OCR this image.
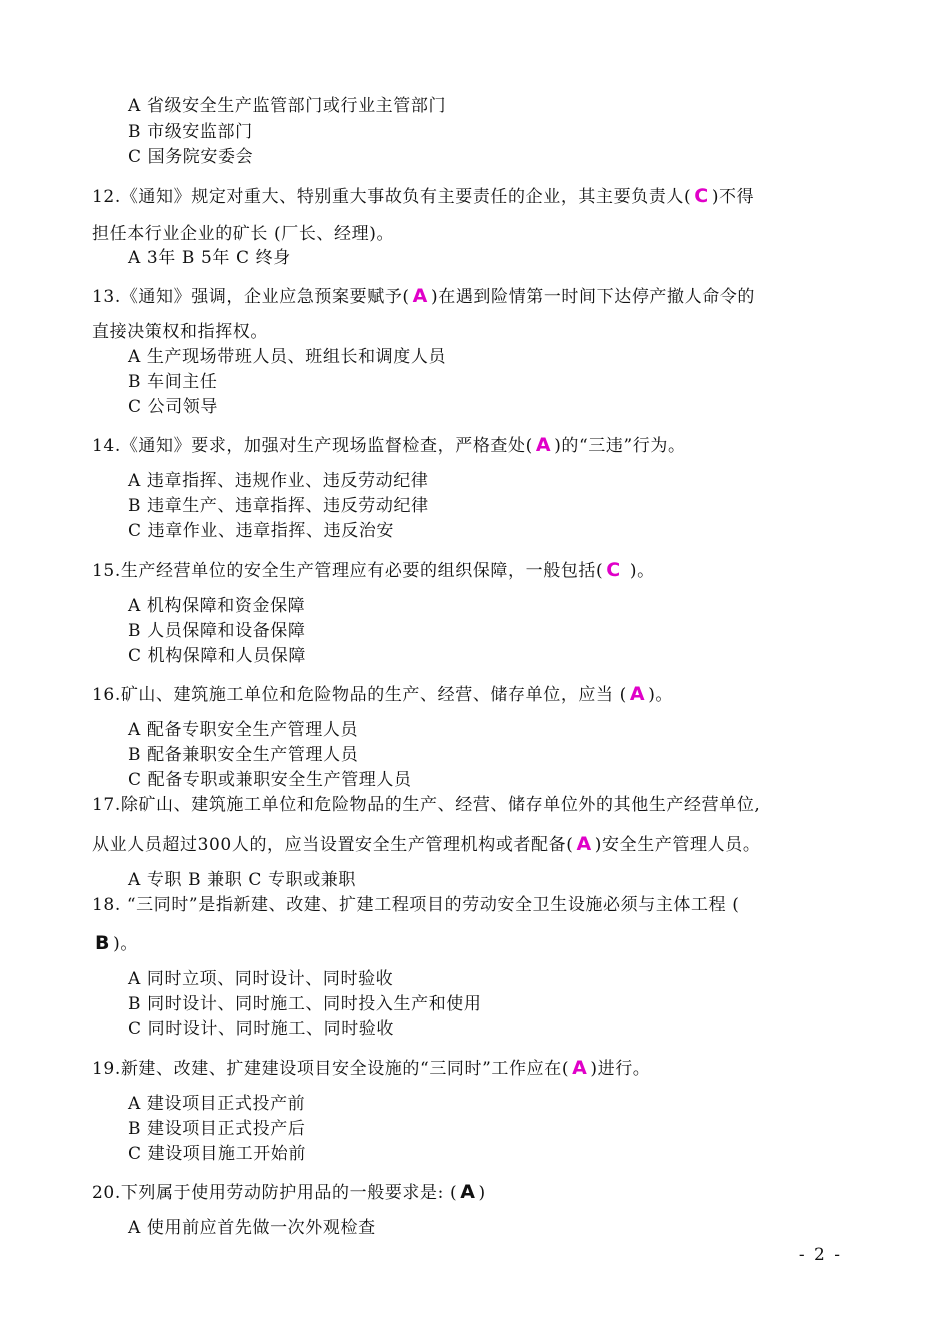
A 省级安全生产监管部门或行业主管部门
B 市级安监部门
C 国务院安委会
12.《通知》规定对重大、特别重大事故负有主要责任的企业，其主要负责人( C )不得
担任本行业企业的矿长 (厂长、经理)。
A 3年 B 5年 C 终身
13.《通知》强调，企业应急预案要赋予( A )在遇到险情第一时间下达停产撤人命令的
直接决策权和指挥权。
A 生产现场带班人员、班组长和调度人员
B 车间主任
C 公司领导
14.《通知》要求，加强对生产现场监督检查，严格查处( A )的“三违”行为。
A 违章指挥、违规作业、违反劳动纪律
B 违章生产、违章指挥、违反劳动纪律
C 违章作业、违章指挥、违反治安
15.生产经营单位的安全生产管理应有必要的组织保障，一般包括( C )。
A 机构保障和资金保障
B 人员保障和设备保障
C 机构保障和人员保障
16.矿山、建筑施工单位和危险物品的生产、经营、储存单位，应当 ( A )。
A 配备专职安全生产管理人员
B 配备兼职安全生产管理人员
C 配备专职或兼职安全生产管理人员
17.除矿山、建筑施工单位和危险物品的生产、经营、储存单位外的其他生产经营单位,
从业人员超过300人的，应当设置安全生产管理机构或者配备( A )安全生产管理人员。
A 专职 B 兼职 C 专职或兼职
18. “三同时”是指新建、改建、扩建工程项目的劳动安全卫生设施必须与主体工程 (
B )。
A 同时立项、同时设计、同时验收
B 同时设计、同时施工、同时投入生产和使用
C 同时设计、同时施工、同时验收
19.新建、改建、扩建建设项目安全设施的“三同时”工作应在( A )进行。
A 建设项目正式投产前
B 建设项目正式投产后
C 建设项目施工开始前
20.下列属于使用劳动防护用品的一般要求是: ( A )
A 使用前应首先做一次外观检查
- 2 -
